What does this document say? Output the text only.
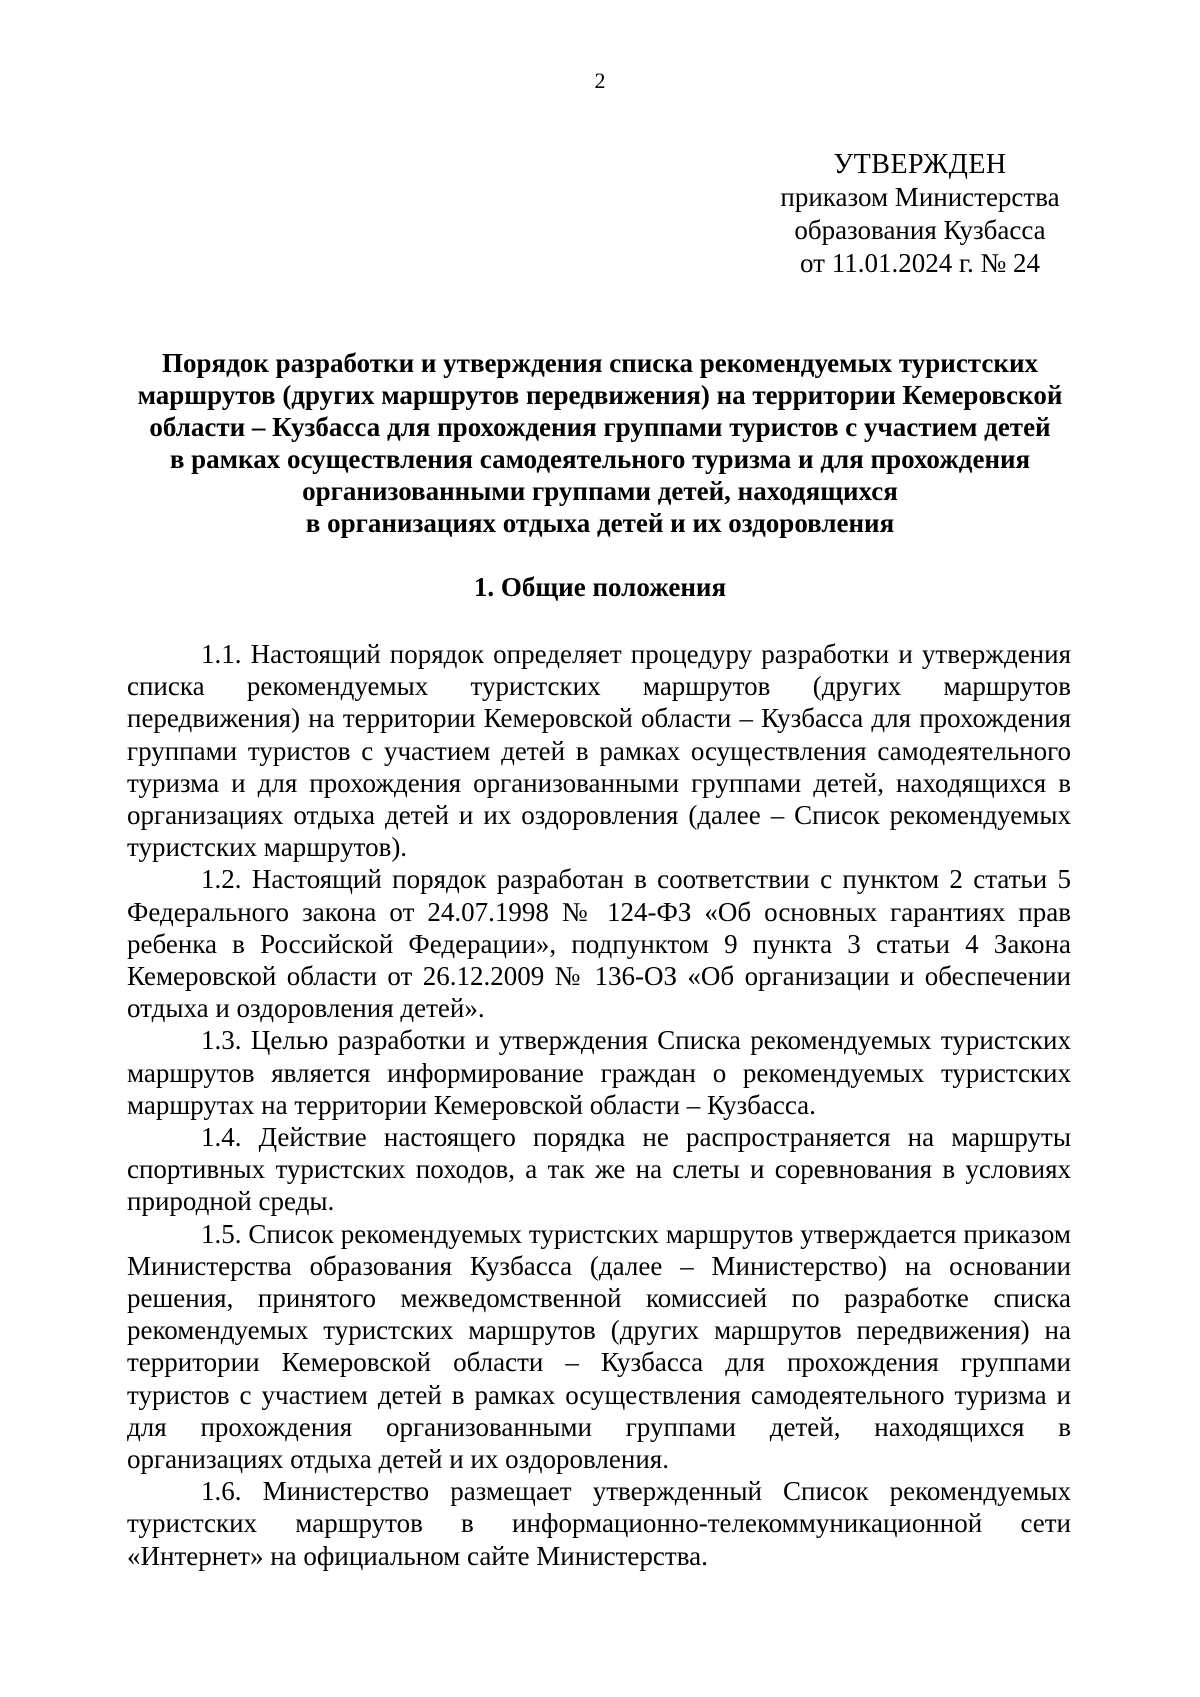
2
УТВЕРЖДЕН
приказом Министерства
образования Кузбасса
от 11.01.2024 г. № 24
Порядок разработки и утверждения списка рекомендуемых туристских
маршрутов (других маршрутов передвижения) на территории Кемеровской
области – Кузбасса для прохождения группами туристов с участием детей
в рамках осуществления самодеятельного туризма и для прохождения
организованными группами детей, находящихся
в организациях отдыха детей и их оздоровления
1. Общие положения

1.1. Настоящий порядок определяет процедуру разработки и утверждения списка рекомендуемых туристских маршрутов (других маршрутов передвижения) на территории Кемеровской области – Кузбасса для прохождения группами туристов с участием детей в рамках осуществления самодеятельного туризма и для прохождения организованными группами детей, находящихся в организациях отдыха детей и их оздоровления (далее – Список рекомендуемых туристских маршрутов).

1.2. Настоящий порядок разработан в соответствии с пунктом 2 статьи 5 Федерального закона от 24.07.1998 № 124-ФЗ «Об основных гарантиях прав ребенка в Российской Федерации», подпунктом 9 пункта 3 статьи 4 Закона Кемеровской области от 26.12.2009 № 136-ОЗ «Об организации и обеспечении отдыха и оздоровления детей».

1.3. Целью разработки и утверждения Списка рекомендуемых туристских маршрутов является информирование граждан о рекомендуемых туристских маршрутах на территории Кемеровской области – Кузбасса.

1.4. Действие настоящего порядка не распространяется на маршруты спортивных туристских походов, а так же на слеты и соревнования в условиях природной среды.

1.5. Список рекомендуемых туристских маршрутов утверждается приказом Министерства образования Кузбасса (далее – Министерство) на основании решения, принятого межведомственной комиссией по разработке списка рекомендуемых туристских маршрутов (других маршрутов передвижения) на территории Кемеровской области – Кузбасса для прохождения группами туристов с участием детей в рамках осуществления самодеятельного туризма и для прохождения организованными группами детей, находящихся в организациях отдыха детей и их оздоровления.

1.6. Министерство размещает утвержденный Список рекомендуемых туристских маршрутов в информационно-телекоммуникационной сети «Интернет» на официальном сайте Министерства.
